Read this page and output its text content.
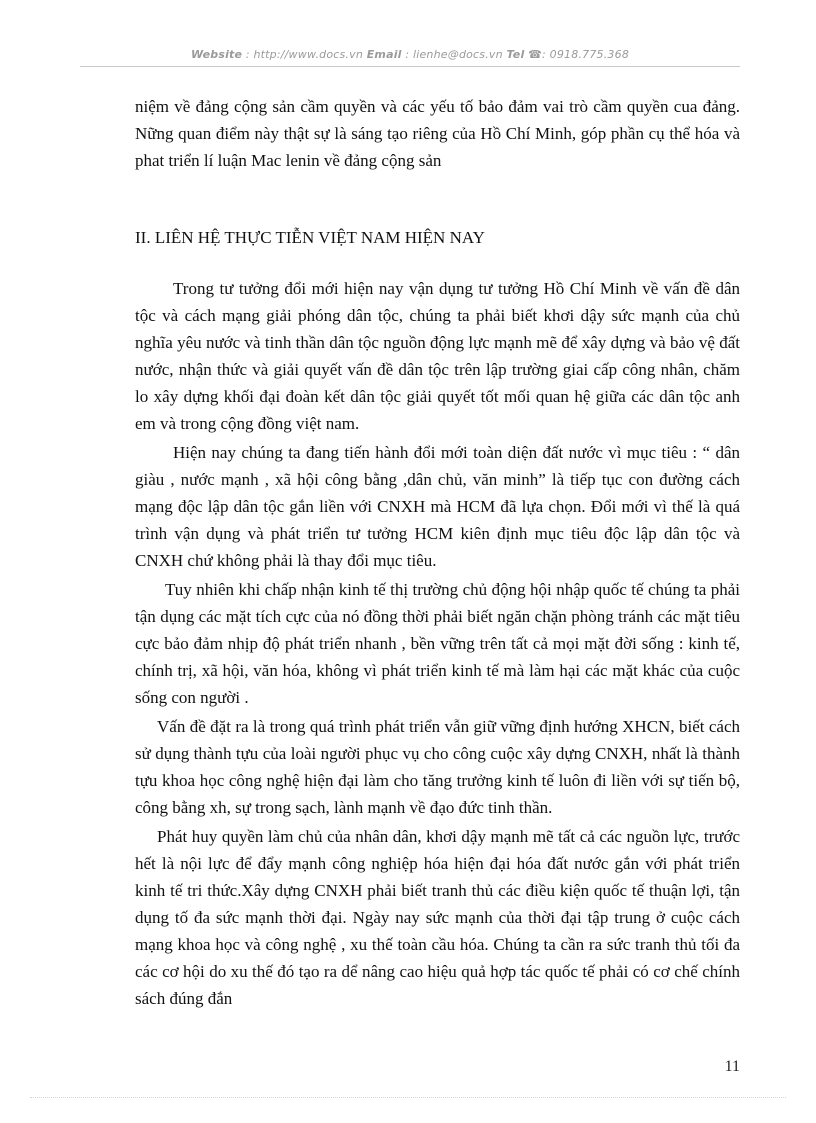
Website : http://www.docs.vn Email : lienhe@docs.vn Tel ☎: 0918.775.368

niệm về đảng cộng sản cầm quyền và các yếu tố bảo đảm vai trò cầm quyền cua đảng. Nững quan điểm này thật sự là sáng tạo riêng của Hồ Chí Minh, góp phần cụ thể hóa và phat triển lí luận Mac lenin về đảng cộng sản

II. LIÊN HỆ THỰC TIỄN VIỆT NAM HIỆN NAY

Trong tư tưởng đổi mới hiện nay vận dụng tư tưởng Hồ Chí Minh về vấn đề dân tộc và cách mạng giải phóng dân tộc, chúng ta phải biết khơi dậy sức mạnh của chủ nghĩa yêu nước và tinh thần dân tộc nguồn động lực mạnh mẽ để xây dựng và bảo vệ đất nước, nhận thức và giải quyết vấn đề dân tộc trên lập trường giai cấp công nhân, chăm lo xây dựng khối đại đoàn kết dân tộc giải quyết tốt mối quan hệ giữa các dân tộc anh em và trong cộng đồng việt nam.

Hiện nay chúng ta đang tiến hành đổi mới toàn diện đất nước vì mục tiêu : “ dân giàu , nước mạnh , xã hội công bằng ,dân chủ, văn minh” là tiếp tục con đường cách mạng độc lập dân tộc gắn liền với CNXH mà HCM đã lựa chọn. Đổi mới vì thế là quá trình vận dụng và phát triển tư tưởng HCM kiên định mục tiêu độc lập dân tộc và CNXH chứ không phải là thay đổi mục tiêu.

Tuy nhiên khi chấp nhận kinh tế thị trường chủ động hội nhập quốc tế chúng ta phải tận dụng các mặt tích cực của nó đồng thời phải biết ngăn chặn phòng tránh các mặt tiêu cực bảo đảm nhịp độ phát triển nhanh , bền vững trên tất cả mọi mặt đời sống : kinh tế, chính trị, xã hội, văn hóa, không vì phát triển kinh tế mà làm hại các mặt khác của cuộc sống con người .

Vấn đề đặt ra là trong quá trình phát triển vẫn giữ vững định hướng XHCN, biết cách sử dụng thành tựu của loài người phục vụ cho công cuộc xây dựng CNXH, nhất là thành tựu khoa học công nghệ hiện đại làm cho tăng trưởng kinh tế luôn đi liền với sự tiến bộ, công bằng xh, sự trong sạch, lành mạnh về đạo đức tinh thần.

Phát huy quyền làm chủ của nhân dân, khơi dậy mạnh mẽ tất cả các nguồn lực, trước hết là nội lực để đẩy mạnh công nghiệp hóa hiện đại hóa đất nước gắn với phát triển kinh tế tri thức.Xây dựng CNXH phải biết tranh thủ các điều kiện quốc tế thuận lợi, tận dụng tố đa sức mạnh thời đại. Ngày nay sức mạnh của thời đại tập trung ở cuộc cách mạng khoa học và công nghệ , xu thế toàn cầu hóa. Chúng ta cần ra sức tranh thủ tối đa các cơ hội do xu thế đó tạo ra dể nâng cao hiệu quả hợp tác quốc tế phải có cơ chế chính sách đúng đắn

11
